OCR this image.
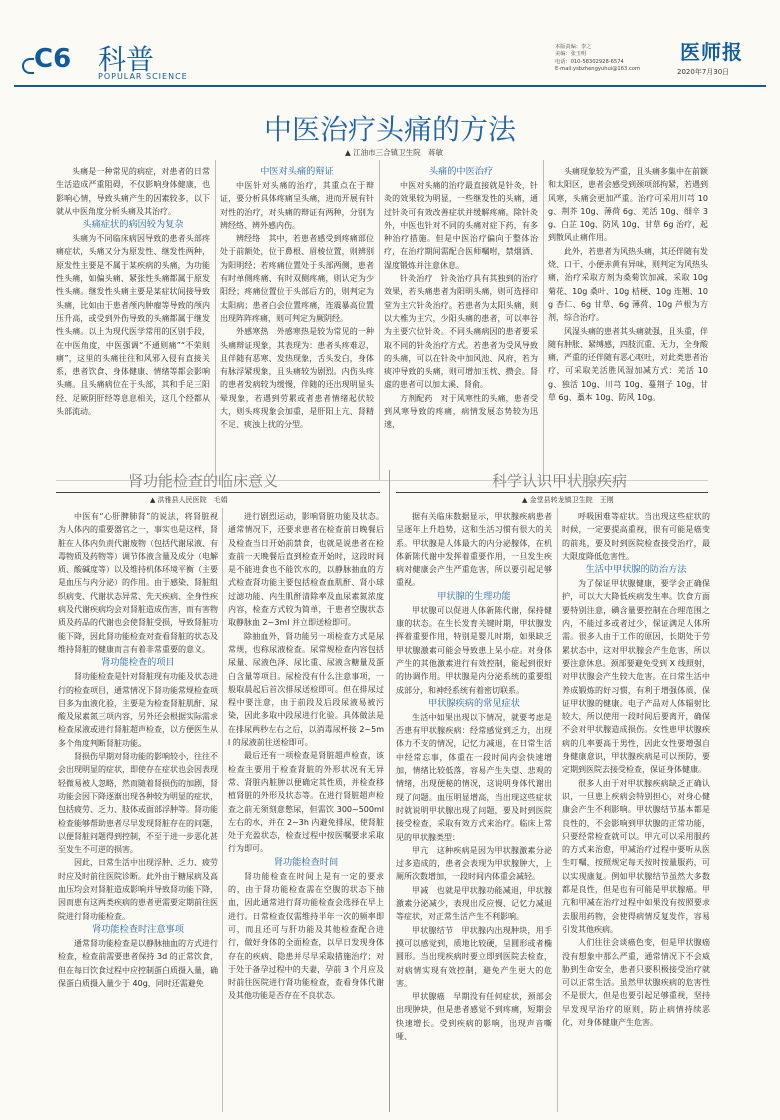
C6 科普
POPULAR SCIENCE
本版责编：李之
美编：张玉明
电话：010-58302928-6574
E-mail:ysbzhengyuhui@163.com
医师报
2020年7月30日
中医治疗头痛的方法
▲ 江油市三合镇卫生院　蒋敏

头痛是一种常见的病症，对患者的日常生活造成严重阻碍，不仅影响身体健康，也影响心情，导致头痛产生的因素较多，以下就从中医角度分析头痛及其治疗。

头痛症状的病因较为复杂

头痛为不同临床病因导致的患者头部疼痛症状，头痛又分为原发性、继发性两种，原发性主要是不属于某疾病的头痛，为功能性头痛，如偏头痛、紧张性头痛都属于原发性头痛。继发性头痛主要是某症状间接导致头痛，比如由于患者颅内肿瘤等导致的颅内压升高，或受到外伤导致的头痛都属于继发性头痛。以上为现代医学常用的区别手段，在中医角度，中医强调“不通则痛”“不荣则痛”，这里的头痛往往和风邪入侵有直接关系，患者饮食、身体健康、情绪等都会影响头痛。且头痛病位在于头部，其和手足三阳经、足厥阴肝经等息息相关，这几个经都从头部流动。

中医对头痛的辩证

中医针对头痛的治疗，其重点在于辩证，要分析具体疼痛呈头痛，进而开展有针对性的治疗，对头痛的辩证有两种，分别为辨经络、辨外感内伤。

辨经络　其中，若患者感受到疼痛部位处于前额处，位于鼻根、眉棱位置，则辨别为阳明经；若疼痛位置处于头部两侧，患者有时单侧疼痛、有时双侧疼痛，则认定为少阳经；疼痛位置位于头部后方的，则判定为太阳病；患者白会位置疼痛，连震暴高位置出现阵阵疼痛，则可判定为厥阴经。

外感寒热　外感寒热是较为常见的一种头痛辩证现象，其表现为：患者头疼难忍，且伴随有恶寒、发热现象，舌头发白，身体有脉浮紧现象，且头痛较为剧烈。内伤头疼的患者发病较为缓慢，伴随的还出现明显头晕现象，若遇到劳累或者患者情绪起伏较大，则头疼现象会加重，是肝阳上亢、肾精不足、痰浊上扰的分型。

头痛的中医治疗

中医对头痛的治疗最直接就是针灸，针灸的效果较为明显，一些继发性的头痛，通过针灸可有效改善症状并缓解疼痛。除针灸外，中医也针对不同的头痛对症下药，有多种治疗措施。但是中医治疗偏向于整体治疗，在治疗期间需配合医师嘱咐，禁烟酒、湿度锻炼并注意休息。

针灸治疗　针灸治疗具有其独到的治疗效果，若头痛患者为阳明头痛，则可选择印堂为主穴针灸治疗。若患者为太阳头痛，则以大椎为主穴，少阳头痛的患者，可以率谷为主要穴位针灸。不同头痛病因的患者要采取不同的针灸治疗方式。若患者为受风导致的头痛，可以在针灸中加风池、风府，若为痰冲导致的头痛，则可增加玉枕、攒会。肾虚的患者可以加太溪、肾俞。

方剂配药　对于风寒性的头痛，患者受到风寒导致的疼痛，病情发展态势较为迅速，

头痛现象较为严重，且头痛多集中在前额和太阳区，患者会感受到颈项部拘紧，若遇到风寒，头痛会更加严重。治疗可采用川芎 10g、荆芥 10g、薄荷 6g、羌活 10g、细辛 3g、白芷 10g、防风 10g、甘草 6g 治疗，起到散风止痛作用。

此外，若患者为风热头痛，其还伴随有发烧、口干、小便赤黄有异味，则判定为风热头痛，治疗采取方剂为桑菊饮加减，采取 10g 菊花、10g 桑叶、10g 桔梗、10g 连翘、10g 杏仁、6g 甘草、6g 薄荷、10g 芦根为方剂，综合治疗。

风湿头痛的患者其头痛就强，且头重，伴随有肿胀、紧缚感，四肢沉重、无力，全身酸痛，严重的还伴随有恶心呕吐，对此类患者治疗，可采取羌活胜风湿加减方式：羌活 10g、独活 10g、川芎 10g、蔓荆子 10g，甘草 6g、藁本 10g、防风 10g。

肾功能检查的临床意义
▲ 洪雅县人民医院　毛娟

中医有“心肝脾肺肾”的说法，将肾脏视为人体内的重要器官之一，事实也是这样，肾脏在人体内负责代谢废物（包括代谢尿液、有毒物质及药物等）调节体液含量及成分（电解质、酸碱度等）以及维持机体环境平衡（主要是血压与内分泌）的作用。由于感染、肾脏组织病变、代谢状态异常、先天疾病、全身性疾病及代谢疾病均会对肾脏造成伤害，而有害物质及药品的代谢也会使肾脏受损，导致肾脏功能下降，因此肾功能检查对查看肾脏的状态及维持肾脏的健康而言有着非常重要的意义。

肾功能检查的项目

肾功能检查是针对肾脏现有功能及状态进行的检查项目，通常情况下肾功能常规检查项目多为血液化验，主要是为检查肾脏肌酐、尿酸及尿素氮三项内容，另外还会根据实际需求检查尿液或进行肾脏超声检查，以方便医生从多个角度判断肾脏功能。

肾损伤早期对肾功能的影响较小，往往不会出现明显的症状，即使存在症状也会因表现轻微易被人忽略，然而随着肾损伤的加剧，肾功能会因下降逐渐出现各种较为明显的症状，包括疲劳、乏力、肢体或面部浮肿等。肾功能检查能够帮助患者尽早发现肾脏存在的问题，以便肾脏问题得到控制，不至于进一步恶化甚至发生不可逆的损害。

因此，日常生活中出现浮肿、乏力、疲劳时应及时前往医院诊断。此外由于糖尿病及高血压均会对肾脏造成影响并导致肾功能下降，因而患有这两类疾病的患者更需要定期前往医院进行肾功能检查。

肾功能检查时注意事项

通常肾功能检查是以静脉抽血的方式进行检查，检查前需要患者保持 3d 的正常饮食，但在每日饮食过程中应控制蛋白质摄入量，确保蛋白质摄入量少于 40g，同时还需避免

进行剧烈运动，影响肾脏功能及状态。通常情况下，还要求患者在检查前日晚餐后及检查当日开始前禁食，也就是说患者在检查前一天晚餐后直到检查开始时，这段时间是不能进食也不能饮水的，以静脉抽血的方式检查肾功能主要包括检查血肌酐、肾小球过滤功能、内生肌酐清除率及血尿素氮浓度内容，检查方式较为简单，于患者空腹状态取静脉血 2~3ml 并立即送检即可。

除抽血外，肾功能另一项检查方式是尿常规，也称尿液检查。尿常规检查内容包括尿量、尿液色泽、尿比重、尿液含糖量及蛋白含量等项目。尿检没有什么注意事项，一般取晨起后首次排尿送检即可。但在排尿过程中要注意，由于前段及后段尿液易被污染，因此多取中段尿进行化验。具体做法是在排尿两秒左右之后，以消毒尿杯接 2~5ml 的尿液前往送检即可。

最后还有一项检查是肾脏超声检查，该检查主要用于检查肾脏的外形状况有无异常、肾脏内脏肿以便确定其性质，并检查移植肾脏的外形及状态等。在进行肾脏超声检查之前无须刻意憋尿，但需饮 300~500ml 左右的水，并在 2~3h 内避免排尿，使肾脏处于充盈状态，检查过程中按医嘱要求采取行为即可。

肾功能检查时间

肾功能检查在时间上是有一定的要求的，由于肾功能检查需在空腹的状态下抽血，因此通常进行肾功能检查会选择在早上进行。日常检查仅需维持半年一次的频率即可，而且还可与肝功能及其他检查配合进行，做好身体的全面检查，以早日发现身体存在的疾病、隐患并尽早采取措施治疗；对于处于备孕过程中的夫妻，孕前 3 个月应及时前往医院进行肾功能检查，查看身体代谢及其他功能是否存在不良状态。

科学认识甲状腺疾病
▲ 金堂县转龙镇卫生院　王刚

据有关临床数据显示，甲状腺疾病患者呈逐年上升趋势，这和生活习惯有很大的关系。甲状腺是人体最大的内分泌腺体，在机体新陈代谢中发挥着重要作用，一旦发生疾病对健康会产生严重危害，所以要引起足够重视。

甲状腺的生理功能

甲状腺可以促进人体新陈代谢，保持健康的状态。在生长发育关键时期，甲状腺发挥着重要作用，特别是婴儿时期，如果缺乏甲状腺激素可能会导致患上呆小症。对身体产生的其他激素进行有效控制，能起到很好的协调作用。甲状腺是内分泌系统的重要组成部分，和神经系统有着密切联系。

甲状腺疾病的常见症状

生活中如果出现以下情况，就要考虑是否患有甲状腺疾病：经常感觉到乏力，出现体力不支的情况，记忆力减退，在日常生活中经常忘事，体重在一段时间内会快速增加，情绪比较低落，容易产生失望、悲观的情绪，出现便秘的情况，这说明身体代谢出现了问题。血压明显增高，当出现这些症状时就说明甲状腺出现了问题，要及时到医院接受检查，采取有效方式来治疗。临床上常见的甲状腺类型：

甲亢　这种疾病是因为甲状腺激素分泌过多造成的，患者会表现为甲状腺肿大，上厕所次数增加，一段时间内体重会减轻。

甲减　也就是甲状腺功能减退，甲状腺激素分泌减少，表现出反应慢、记忆力减退等症状，对正常生活产生不利影响。

甲状腺结节　甲状腺内出现肿块，用手摸可以感觉到，质地比较硬，呈圆形或者椭圆形。当出现疾病时要立即到医院去检查，对病情实现有效控制，避免产生更大的危害。

甲状腺癌　早期没有任何症状，颈部会出现肿块，但是患者感觉不到疼痛，短期会快速增长。受到疾病的影响，出现声音嘶哑、

呼吸困难等症状。当出现这些症状的时候，一定要提高重视，很有可能是癌变的前兆，要及时到医院检查接受治疗，最大限度降低危害性。

生活中甲状腺的防治方法

为了保证甲状腺健康，要学会正确保护，可以大大降低疾病发生率。饮食方面要特别注意，碘含量要控制在合理范围之内，不能过多或者过少，保证满足人体所需。很多人由于工作的原因，长期处于劳累状态中，这对甲状腺会产生危害，所以要注意休息。颈部要避免受到 X 线照射，对甲状腺会产生较大危害。在日常生活中养成锻炼的好习惯，有利于增强体质，保证甲状腺的健康。电子产品对人体辐射比较大，所以使用一段时间后要离开，确保不会对甲状腺造成损伤。女性患甲状腺疾病的几率要高于男性，因此女性要增强自身健康意识，甲状腺疾病是可以预防，要定期到医院去接受检查，保证身体健康。

很多人由于对甲状腺疾病缺乏正确认识，一旦患上疾病会特别担心，对身心健康会产生不利影响。甲状腺结节基本都是良性的，不会影响到甲状腺的正常功能，只要经常检查就可以。甲亢可以采用服药的方式来治愈，甲减治疗过程中要听从医生叮嘱，按照规定每天按时按量服药，可以实现康复。例如甲状腺结节虽然大多数都是良性，但是也有可能是甲状腺癌。甲亢和甲减在治疗过程中如果没有按照要求去服用药物，会使得病情反复发作，容易引发其他疾病。

人们往往会谈癌色变，但是甲状腺癌没有想象中那么严重，通常情况下不会威胁到生命安全，患者只要积极接受治疗就可以正常生活。虽然甲状腺疾病的危害性不是很大，但是也要引起足够重视，坚持早发现早治疗的原则，防止病情持续恶化，对身体健康产生危害。
